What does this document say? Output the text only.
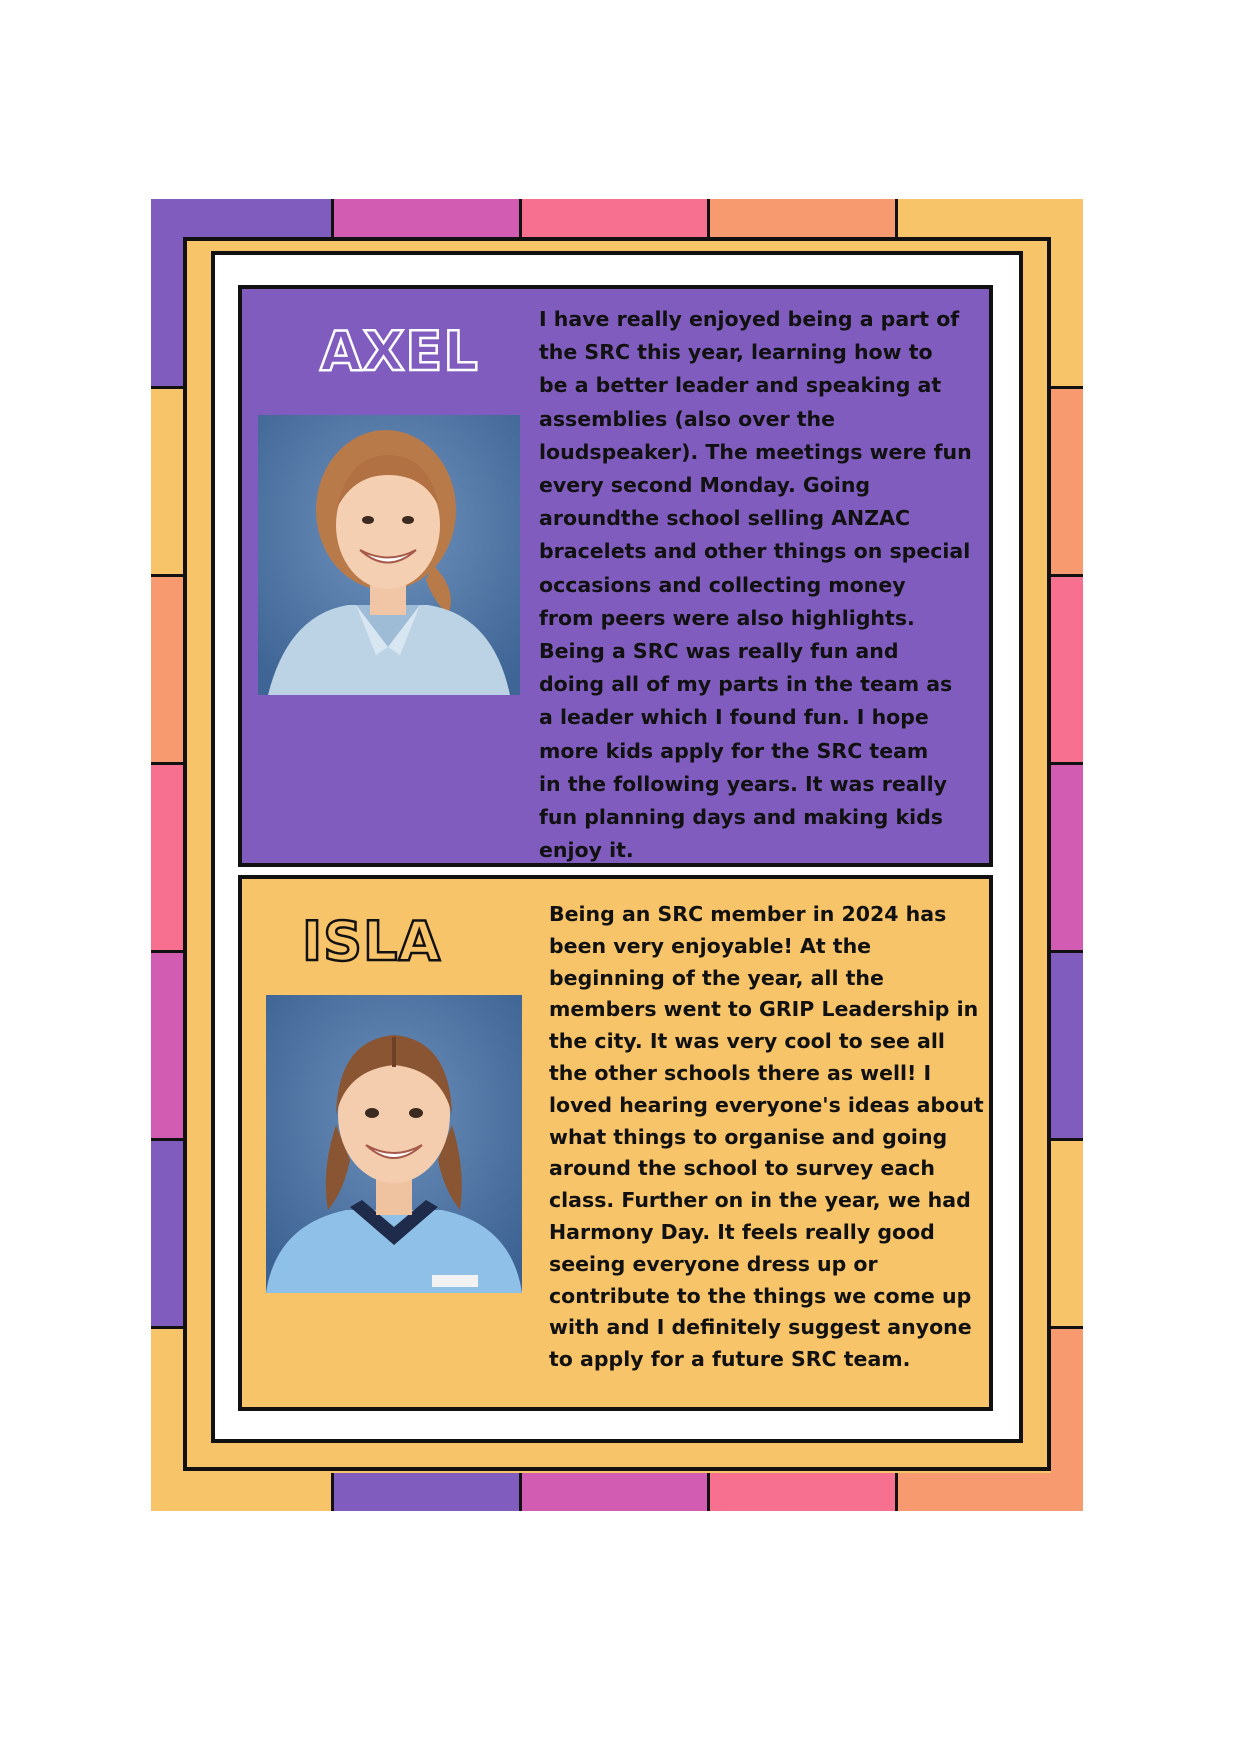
AXEL

I have really enjoyed being a part of
the SRC this year, learning how to
be a better leader and speaking at
assemblies (also over the
loudspeaker). The meetings were fun
every second Monday. Going
aroundthe school selling ANZAC
bracelets and other things on special
occasions and collecting money
from peers were also highlights.
Being a SRC was really fun and
doing all of my parts in the team as
a leader which I found fun. I hope
more kids apply for the SRC team
in the following years. It was really
fun planning days and making kids
enjoy it.

ISLA	Being an SRC member in 2024 has
been very enjoyable! At the
beginning of the year, all the
members went to GRIP Leadership in
the city. It was very cool to see all
the other schools there as well! I
loved hearing everyone's ideas about
what things to organise and going
around the school to survey each
class. Further on in the year, we had
Harmony Day. It feels really good
seeing everyone dress up or
contribute to the things we come up
with and I definitely suggest anyone
to apply for a future SRC team.
